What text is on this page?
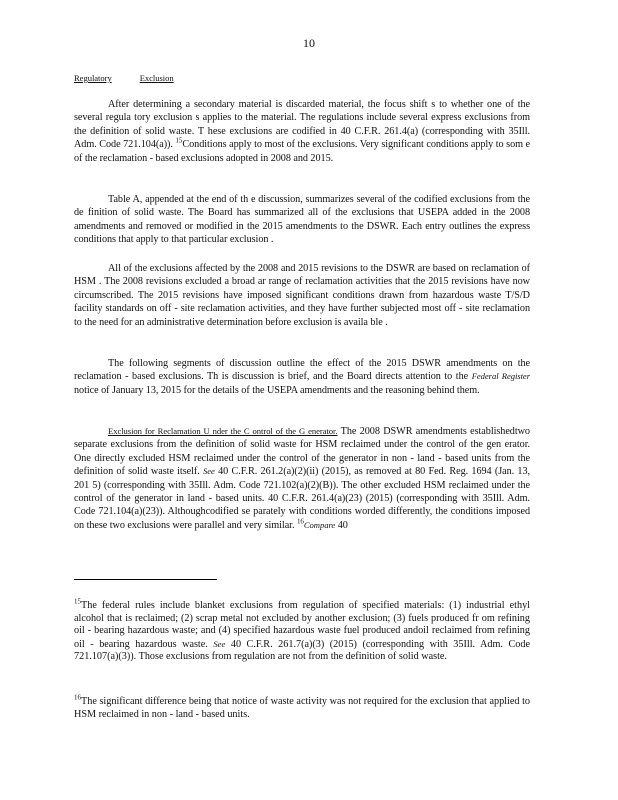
10
Regulatory	Exclusion

After determining a secondary material is discarded material, the focus shift s to whether one of the several regula tory exclusion s applies to the material. The regulations include several express exclusions from the definition of solid waste. T hese exclusions are codified in 40 C.F.R. 261.4(a) (corresponding with 35Ill. Adm. Code 721.104(a)). $^{15}$Conditions apply to most of the exclusions. Very significant conditions apply to som e of the reclamation - based exclusions adopted in 2008 and 2015.

Table A, appended at the end of th e discussion, summarizes several of the codified exclusions from the de finition of solid waste. The Board has summarized all of the exclusions that USEPA added in the 2008 amendments and removed or modified in the 2015 amendments to the DSWR. Each entry outlines the express conditions that apply to that particular exclusion .

All of the exclusions affected by the 2008 and 2015 revisions to the DSWR are based on reclamation of HSM . The 2008 revisions excluded a broad ar range of reclamation activities that the 2015 revisions have now circumscribed. The 2015 revisions have imposed significant conditions drawn from hazardous waste T/S/D facility standards on off - site reclamation activities, and they have further subjected most off - site reclamation to the need for an administrative determination before exclusion is availa ble .

The following segments of discussion outline the effect of the 2015 DSWR amendments on the reclamation - based exclusions. Th is discussion is brief, and the Board directs attention to the Federal Register notice of January 13, 2015 for the details of the USEPA amendments and the reasoning behind them.

Exclusion for Reclamation U nder the C ontrol of the G enerator. The 2008 DSWR amendments establishedtwo separate exclusions from the definition of solid waste for HSM reclaimed under the control of the gen erator. One directly excluded HSM reclaimed under the control of the generator in non - land - based units from the definition of solid waste itself. See 40 C.F.R. 261.2(a)(2)(ii) (2015), as removed at 80 Fed. Reg. 1694 (Jan. 13, 201 5) (corresponding with 35Ill. Adm. Code 721.102(a)(2)(B)). The other excluded HSM reclaimed under the control of the generator in land - based units. 40 C.F.R. 261.4(a)(23) (2015) (corresponding with 35Ill. Adm. Code 721.104(a)(23)). Althoughcodified se parately with conditions worded differently, the conditions imposed on these two exclusions were parallel and very similar. $^{16}$Compare 40

$^{15}$The federal rules include blanket exclusions from regulation of specified materials: (1) industrial ethyl alcohol that is reclaimed; (2) scrap metal not excluded by another exclusion; (3) fuels produced fr om refining oil - bearing hazardous waste; and (4) specified hazardous waste fuel produced andoil reclaimed from refining oil - bearing hazardous waste. See 40 C.F.R. 261.7(a)(3) (2015) (corresponding with 35Ill. Adm. Code 721.107(a)(3)). Those exclusions from regulation are not from the definition of solid waste.

$^{16}$The significant difference being that notice of waste activity was not required for the exclusion that applied to HSM reclaimed in non - land - based units.
